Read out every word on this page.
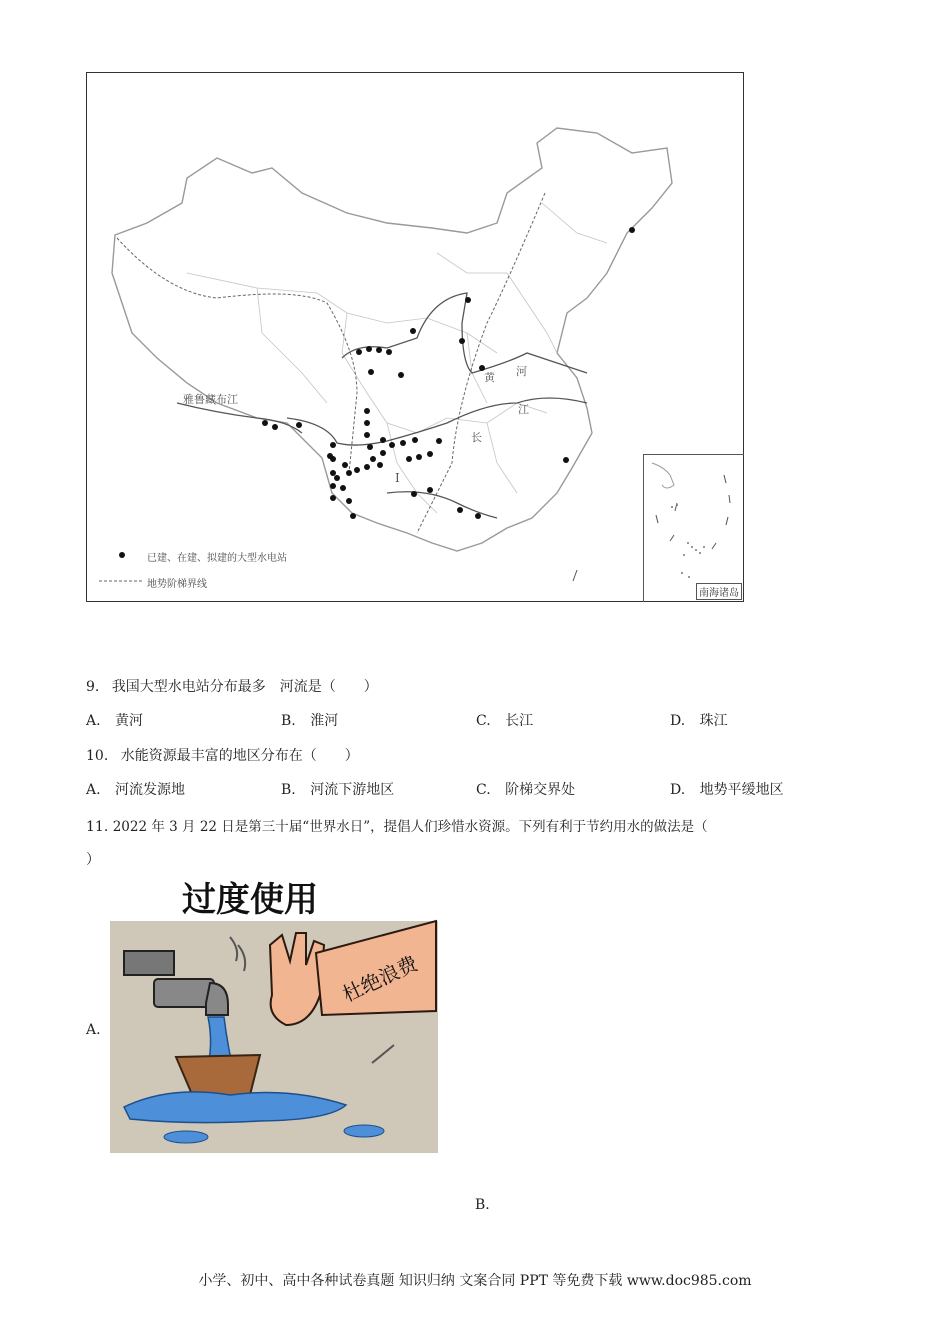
雅鲁藏布江
黄 河
长
江
I
已建、在建、拟建的大型水电站
地势阶梯界线
南海诸岛
9. 我国大型水电站分布最多　河流是（　　）
A. 黄河	B. 淮河	C. 长江	D. 珠江
10. 水能资源最丰富的地区分布在（　　）
A. 河流发源地	B. 河流下游地区	C. 阶梯交界处	D. 地势平缓地区
11. 2022 年 3 月 22 日是第三十届“世界水日”，提倡人们珍惜水资源。下列有利于节约用水的做法是（
）
A.
过度使用
杜绝浪费
B.
小学、初中、高中各种试卷真题 知识归纳 文案合同 PPT 等免费下载 www.doc985.com
